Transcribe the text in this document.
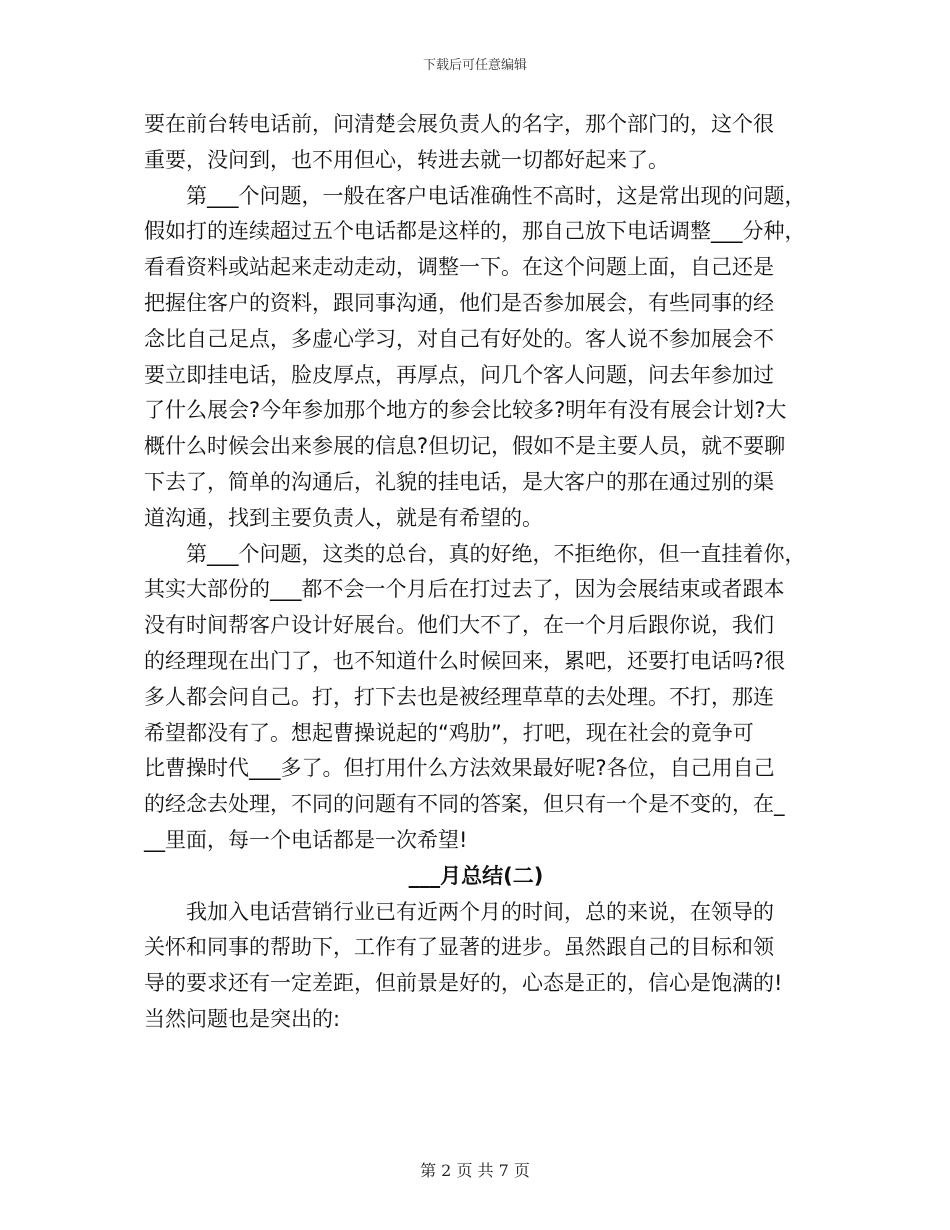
下载后可任意编辑
要在前台转电话前，问清楚会展负责人的名字，那个部门的，这个很
重要，没问到，也不用但心，转进去就一切都好起来了。
　　第___个问题，一般在客户电话准确性不高时，这是常出现的问题，
假如打的连续超过五个电话都是这样的，那自己放下电话调整___分种，
看看资料或站起来走动走动，调整一下。在这个问题上面，自己还是
把握住客户的资料，跟同事沟通，他们是否参加展会，有些同事的经
念比自己足点，多虚心学习，对自己有好处的。客人说不参加展会不
要立即挂电话，脸皮厚点，再厚点，问几个客人问题，问去年参加过
了什么展会?今年参加那个地方的参会比较多?明年有没有展会计划?大
概什么时候会出来参展的信息?但切记，假如不是主要人员，就不要聊
下去了，简单的沟通后，礼貌的挂电话，是大客户的那在通过别的渠
道沟通，找到主要负责人，就是有希望的。
　　第___个问题，这类的总台，真的好绝，不拒绝你，但一直挂着你，
其实大部份的___都不会一个月后在打过去了，因为会展结束或者跟本
没有时间帮客户设计好展台。他们大不了，在一个月后跟你说，我们
的经理现在出门了，也不知道什么时候回来，累吧，还要打电话吗?很
多人都会问自己。打，打下去也是被经理草草的去处理。不打，那连
希望都没有了。想起曹操说起的“鸡肋”，打吧，现在社会的竟争可
比曹操时代___多了。但打用什么方法效果最好呢?各位，自己用自己
的经念去处理，不同的问题有不同的答案，但只有一个是不变的，在_
__里面，每一个电话都是一次希望!
___月总结(二)
　　我加入电话营销行业已有近两个月的时间，总的来说，在领导的
关怀和同事的帮助下，工作有了显著的进步。虽然跟自己的目标和领
导的要求还有一定差距，但前景是好的，心态是正的，信心是饱满的!
当然问题也是突出的:
第 2 页 共 7 页
